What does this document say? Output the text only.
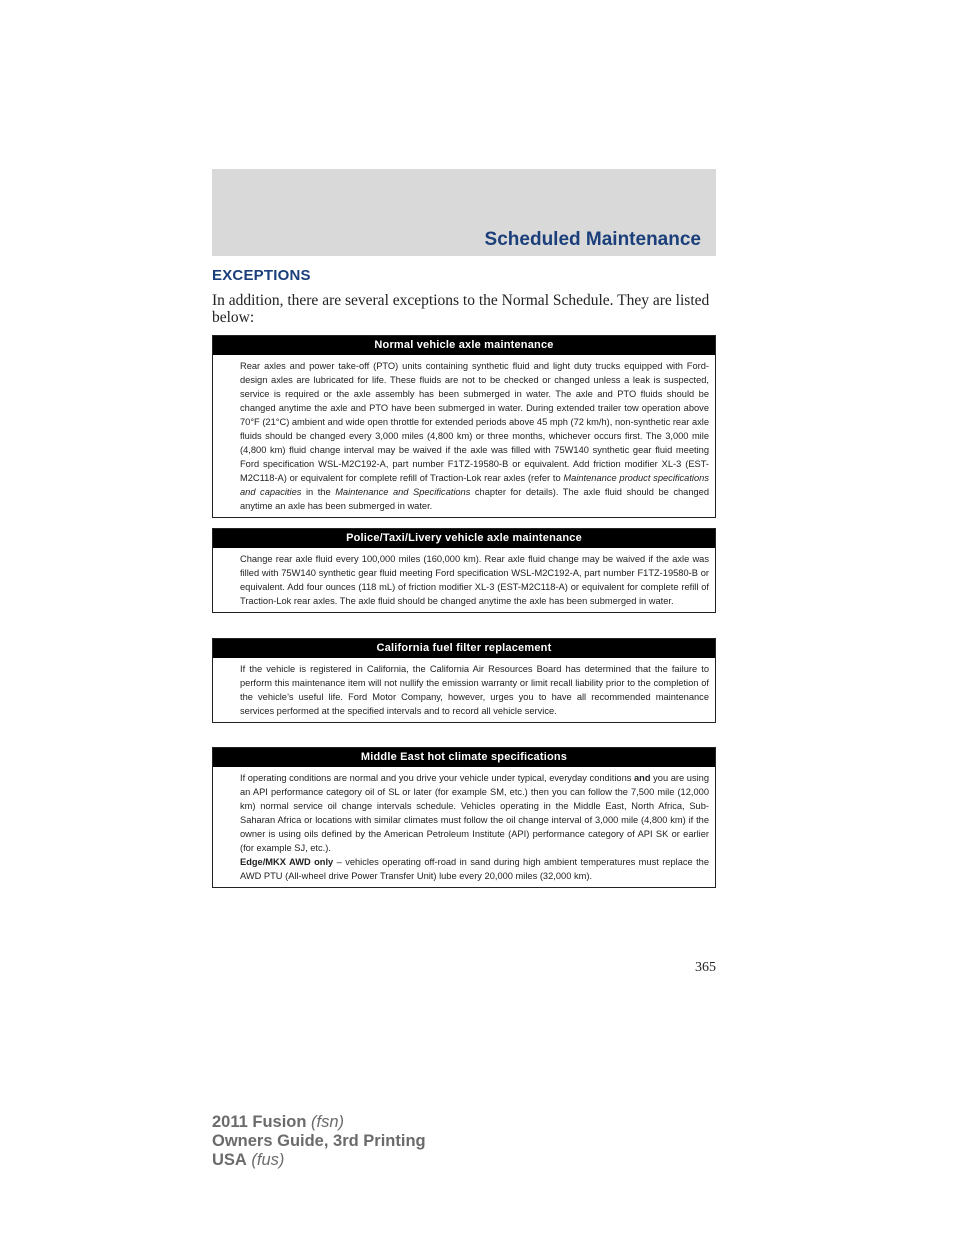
Scheduled Maintenance
EXCEPTIONS

In addition, there are several exceptions to the Normal Schedule. They are listed below:

Normal vehicle axle maintenance

Rear axles and power take-off (PTO) units containing synthetic fluid and light duty trucks equipped with Ford-design axles are lubricated for life. These fluids are not to be checked or changed unless a leak is suspected, service is required or the axle assembly has been submerged in water. The axle and PTO fluids should be changed anytime the axle and PTO have been submerged in water. During extended trailer tow operation above 70°F (21°C) ambient and wide open throttle for extended periods above 45 mph (72 km/h), non-synthetic rear axle fluids should be changed every 3,000 miles (4,800 km) or three months, whichever occurs first. The 3,000 mile (4,800 km) fluid change interval may be waived if the axle was filled with 75W140 synthetic gear fluid meeting Ford specification WSL-M2C192-A, part number F1TZ-19580-B or equivalent. Add friction modifier XL-3 (EST-M2C118-A) or equivalent for complete refill of Traction-Lok rear axles (refer to Maintenance product specifications and capacities in the Maintenance and Specifications chapter for details). The axle fluid should be changed anytime an axle has been submerged in water.

Police/Taxi/Livery vehicle axle maintenance

Change rear axle fluid every 100,000 miles (160,000 km). Rear axle fluid change may be waived if the axle was filled with 75W140 synthetic gear fluid meeting Ford specification WSL-M2C192-A, part number F1TZ-19580-B or equivalent. Add four ounces (118 mL) of friction modifier XL-3 (EST-M2C118-A) or equivalent for complete refill of Traction-Lok rear axles. The axle fluid should be changed anytime the axle has been submerged in water.

California fuel filter replacement

If the vehicle is registered in California, the California Air Resources Board has determined that the failure to perform this maintenance item will not nullify the emission warranty or limit recall liability prior to the completion of the vehicle’s useful life. Ford Motor Company, however, urges you to have all recommended maintenance services performed at the specified intervals and to record all vehicle service.

Middle East hot climate specifications

If operating conditions are normal and you drive your vehicle under typical, everyday conditions and you are using an API performance category oil of SL or later (for example SM, etc.) then you can follow the 7,500 mile (12,000 km) normal service oil change intervals schedule. Vehicles operating in the Middle East, North Africa, Sub-Saharan Africa or locations with similar climates must follow the oil change interval of 3,000 mile (4,800 km) if the owner is using oils defined by the American Petroleum Institute (API) performance category of API SK or earlier (for example SJ, etc.).

Edge/MKX AWD only – vehicles operating off-road in sand during high ambient temperatures must replace the AWD PTU (All-wheel drive Power Transfer Unit) lube every 20,000 miles (32,000 km).

365

2011 Fusion (fsn)
Owners Guide, 3rd Printing
USA (fus)
